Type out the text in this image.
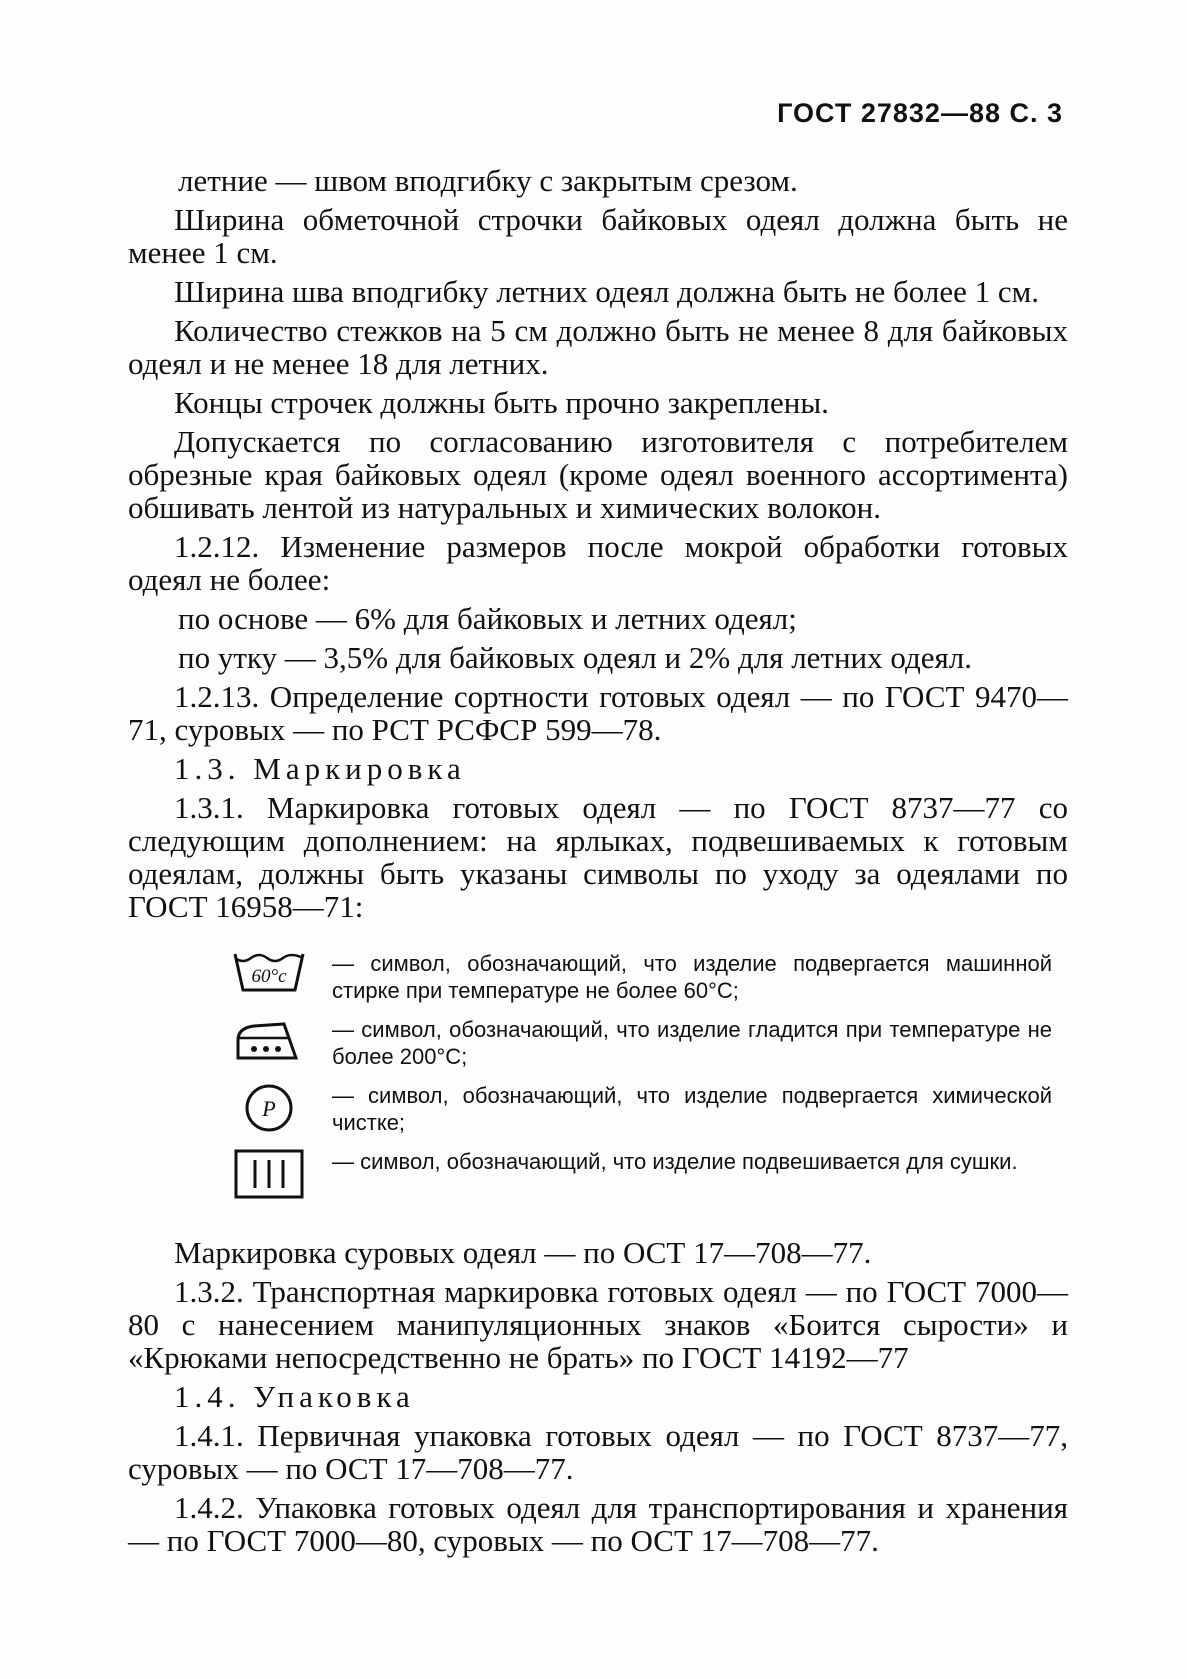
ГОСТ 27832—88 С. 3

летние — швом вподгибку с закрытым срезом.

Ширина обметочной строчки байковых одеял должна быть не менее 1 см.

Ширина шва вподгибку летних одеял должна быть не более 1 см.

Количество стежков на 5 см должно быть не менее 8 для байковых одеял и не менее 18 для летних.

Концы строчек должны быть прочно закреплены.

Допускается по согласованию изготовителя с потребителем обрезные края байковых одеял (кроме одеял военного ассортимента) обшивать лентой из натуральных и химических волокон.

1.2.12. Изменение размеров после мокрой обработки готовых одеял не более:

по основе — 6% для байковых и летних одеял;

по утку — 3,5% для байковых одеял и 2% для летних одеял.

1.2.13. Определение сортности готовых одеял — по ГОСТ 9470—71, суровых — по РСТ РСФСР 599—78.

1.3. Маркировка

1.3.1. Маркировка готовых одеял — по ГОСТ 8737—77 со следующим дополнением: на ярлыках, подвешиваемых к готовым одеялам, должны быть указаны символы по уходу за одеялами по ГОСТ 16958—71:

60°c
— символ, обозначающий, что изделие подвергается машинной стирке при температуре не более 60°С;
— символ, обозначающий, что изделие гладится при температуре не более 200°С;
P
— символ, обозначающий, что изделие подвергается химической чистке;
— символ, обозначающий, что изделие подвешивается для сушки.

Маркировка суровых одеял — по ОСТ 17—708—77.

1.3.2. Транспортная маркировка готовых одеял — по ГОСТ 7000—80 с нанесением манипуляционных знаков «Боится сырости» и «Крюками непосредственно не брать» по ГОСТ 14192—77

1.4. Упаковка

1.4.1. Первичная упаковка готовых одеял — по ГОСТ 8737—77, суровых — по ОСТ 17—708—77.

1.4.2. Упаковка готовых одеял для транспортирования и хранения — по ГОСТ 7000—80, суровых — по ОСТ 17—708—77.
